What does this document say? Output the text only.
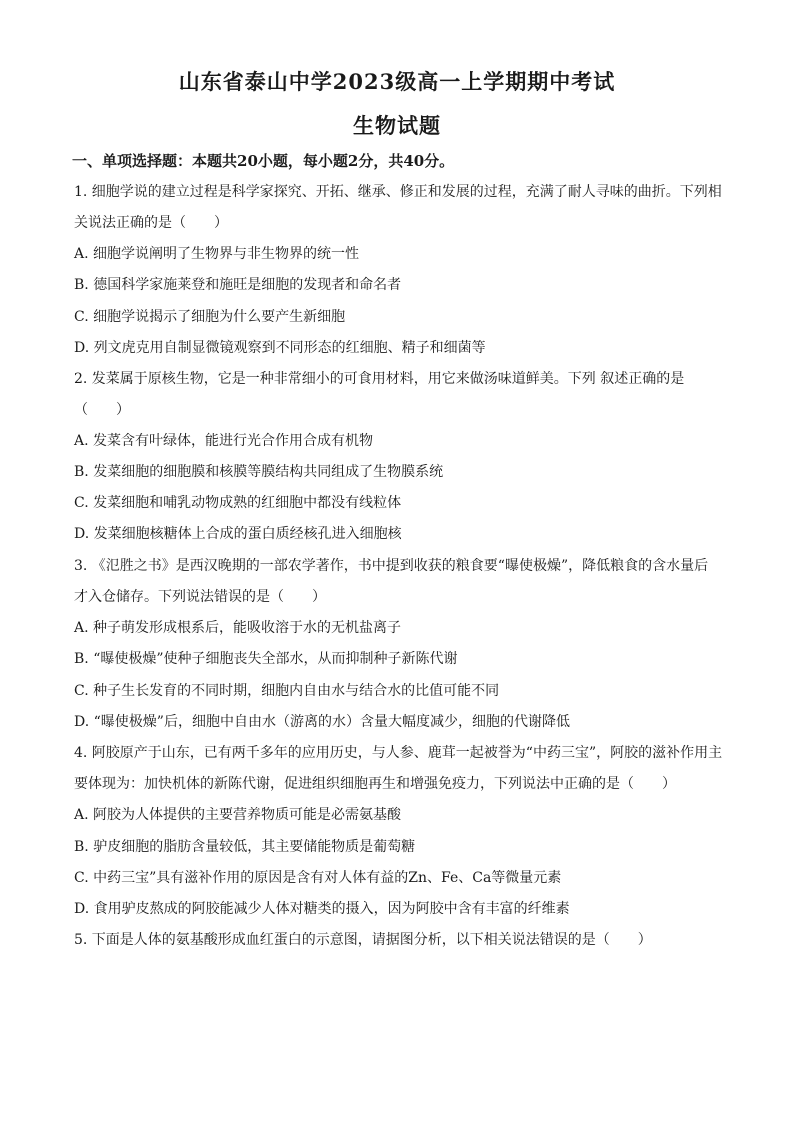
山东省泰山中学2023级高一上学期期中考试
生物试题
一、单项选择题：本题共20小题，每小题2分，共40分。
1. 细胞学说的建立过程是科学家探究、开拓、继承、修正和发展的过程，充满了耐人寻味的曲折。下列相
关说法正确的是（　　）
A. 细胞学说阐明了生物界与非生物界的统一性
B. 德国科学家施莱登和施旺是细胞的发现者和命名者
C. 细胞学说揭示了细胞为什么要产生新细胞
D. 列文虎克用自制显微镜观察到不同形态的红细胞、精子和细菌等
2. 发菜属于原核生物，它是一种非常细小的可食用材料，用它来做汤味道鲜美。下列 叙述正确的是
（　　）
A. 发菜含有叶绿体，能进行光合作用合成有机物
B. 发菜细胞的细胞膜和核膜等膜结构共同组成了生物膜系统
C. 发菜细胞和哺乳动物成熟的红细胞中都没有线粒体
D. 发菜细胞核糖体上合成的蛋白质经核孔进入细胞核
3. 《氾胜之书》是西汉晚期的一部农学著作，书中提到收获的粮食要“曝使极燥”，降低粮食的含水量后
才入仓储存。下列说法错误的是（　　）
A. 种子萌发形成根系后，能吸收溶于水的无机盐离子
B. “曝使极燥”使种子细胞丧失全部水，从而抑制种子新陈代谢
C. 种子生长发育的不同时期，细胞内自由水与结合水的比值可能不同
D. “曝使极燥”后，细胞中自由水（游离的水）含量大幅度减少，细胞的代谢降低
4. 阿胶原产于山东，已有两千多年的应用历史，与人参、鹿茸一起被誉为“中药三宝”，阿胶的滋补作用主
要体现为：加快机体的新陈代谢，促进组织细胞再生和增强免疫力，下列说法中正确的是（　　）
A. 阿胶为人体提供的主要营养物质可能是必需氨基酸
B. 驴皮细胞的脂肪含量较低，其主要储能物质是葡萄糖
C. 中药三宝”具有滋补作用的原因是含有对人体有益的Zn、Fe、Ca等微量元素
D. 食用驴皮熬成的阿胶能减少人体对糖类的摄入，因为阿胶中含有丰富的纤维素
5. 下面是人体的氨基酸形成血红蛋白的示意图，请据图分析，以下相关说法错误的是（　　）
